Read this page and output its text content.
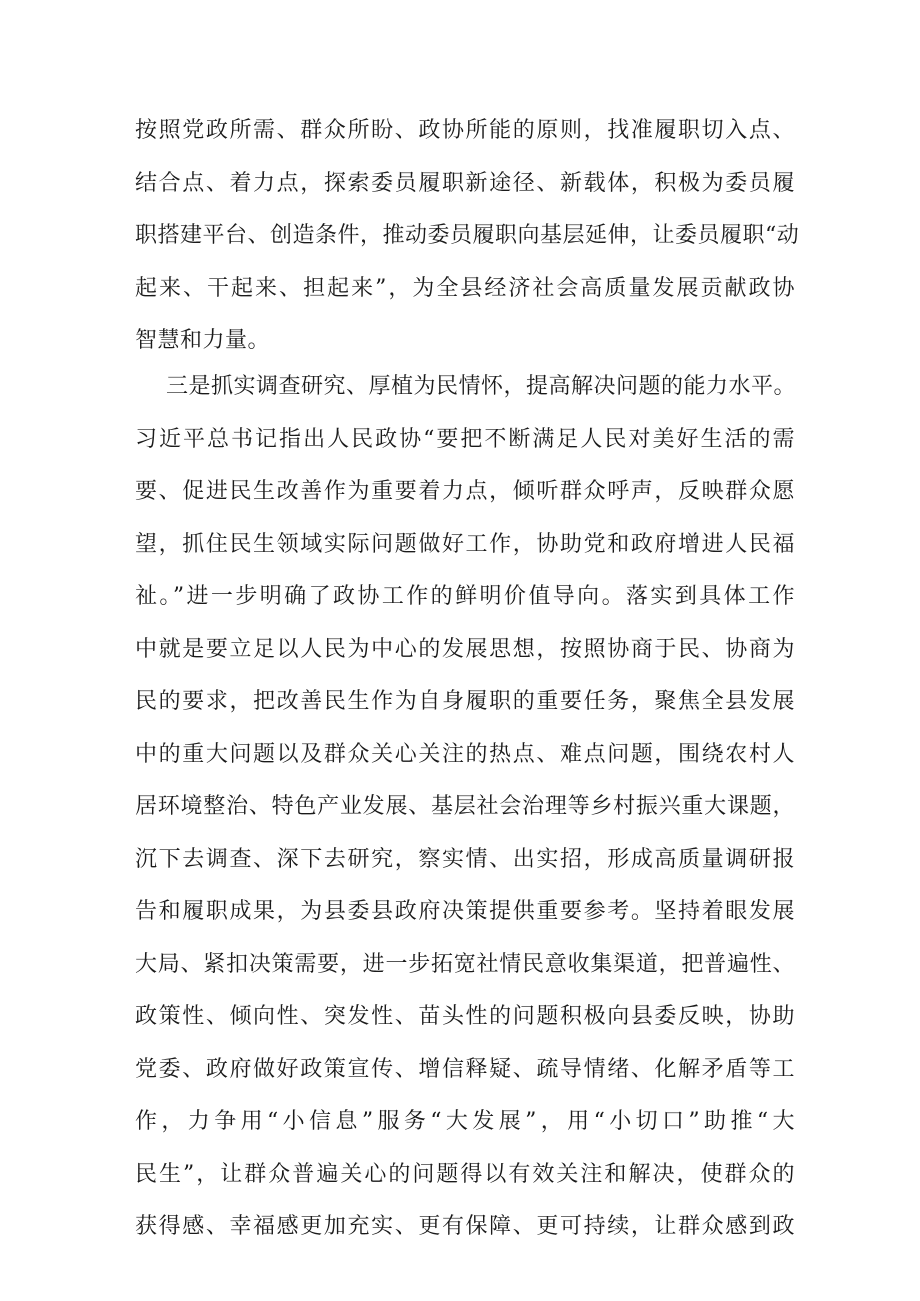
按照党政所需、群众所盼、政协所能的原则，找准履职切入点、
结合点、着力点，探索委员履职新途径、新载体，积极为委员履
职搭建平台、创造条件，推动委员履职向基层延伸，让委员履职“动
起来、干起来、担起来”，为全县经济社会高质量发展贡献政协
智慧和力量。
三是抓实调查研究、厚植为民情怀，提高解决问题的能力水平。
习近平总书记指出人民政协“要把不断满足人民对美好生活的需
要、促进民生改善作为重要着力点，倾听群众呼声，反映群众愿
望，抓住民生领域实际问题做好工作，协助党和政府增进人民福
祉。”进一步明确了政协工作的鲜明价值导向。落实到具体工作
中就是要立足以人民为中心的发展思想，按照协商于民、协商为
民的要求，把改善民生作为自身履职的重要任务，聚焦全县发展
中的重大问题以及群众关心关注的热点、难点问题，围绕农村人
居环境整治、特色产业发展、基层社会治理等乡村振兴重大课题，
沉下去调查、深下去研究，察实情、出实招，形成高质量调研报
告和履职成果，为县委县政府决策提供重要参考。坚持着眼发展
大局、紧扣决策需要，进一步拓宽社情民意收集渠道，把普遍性、
政策性、倾向性、突发性、苗头性的问题积极向县委反映，协助
党委、政府做好政策宣传、增信释疑、疏导情绪、化解矛盾等工
作，力争用“小信息”服务“大发展”，用“小切口”助推“大
民生”，让群众普遍关心的问题得以有效关注和解决，使群众的
获得感、幸福感更加充实、更有保障、更可持续，让群众感到政
